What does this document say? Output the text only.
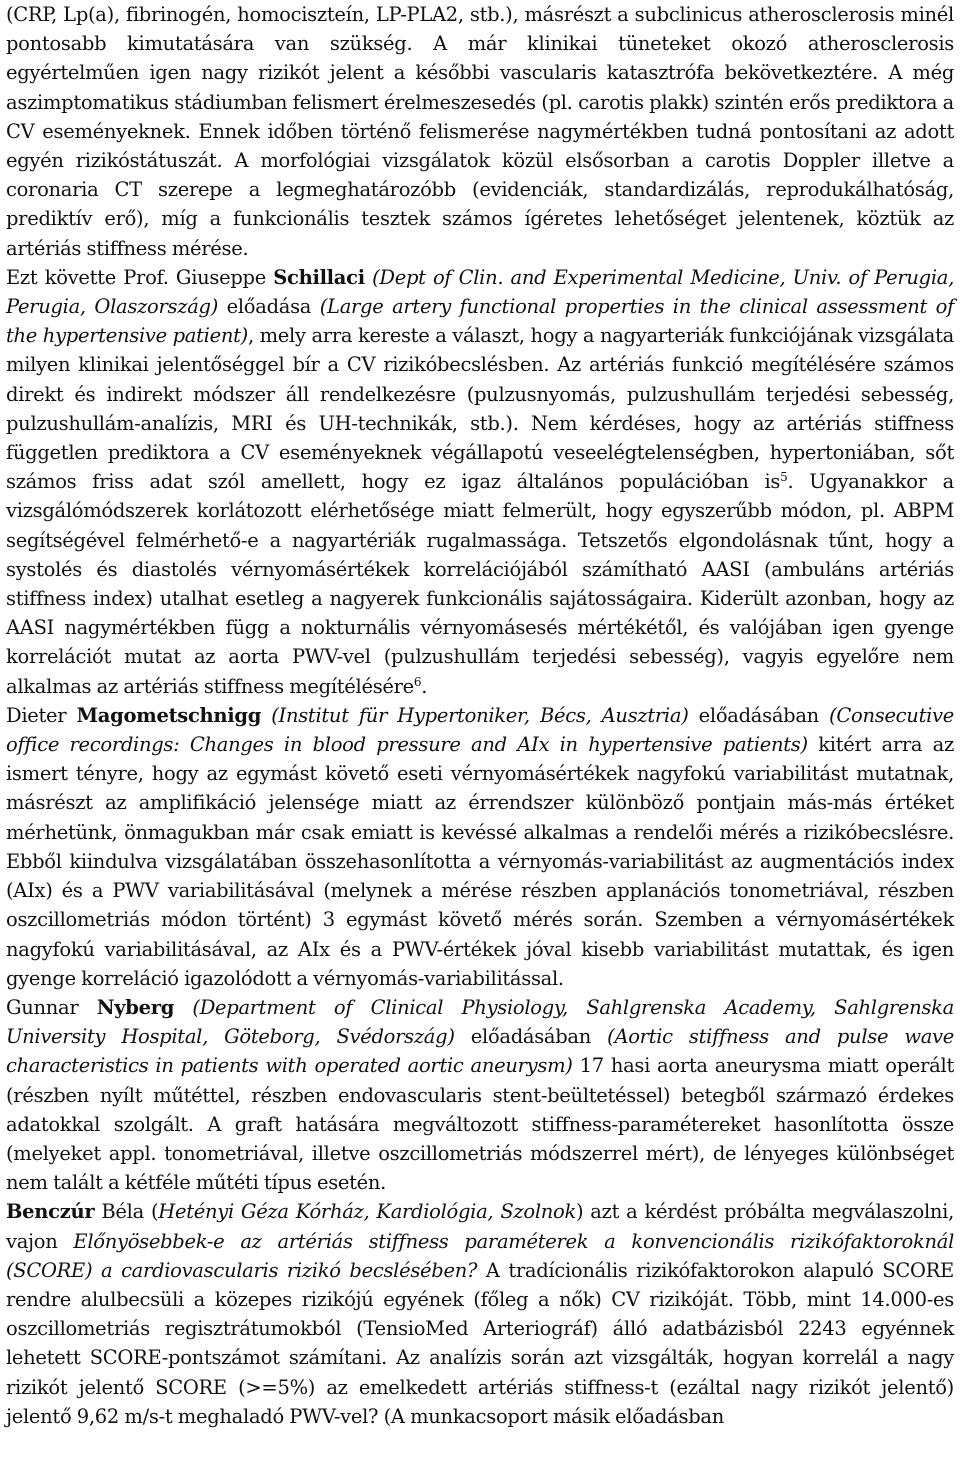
(CRP, Lp(a), fibrinogén, homociszteín, LP-PLA2, stb.), másrészt a subclinicus atherosclerosis minél pontosabb kimutatására van szükség. A már klinikai tüneteket okozó atherosclerosis egyértelműen igen nagy rizikót jelent a későbbi vascularis katasztrófa bekövetkeztére. A még aszimptomatikus stádiumban felismert érelmeszesedés (pl. carotis plakk) szintén erős prediktora a CV eseményeknek. Ennek időben történő felismerése nagymértékben tudná pontosítani az adott egyén rizikóstátuszát. A morfológiai vizsgálatok közül elsősorban a carotis Doppler illetve a coronaria CT szerepe a legmeghatározóbb (evidenciák, standardizálás, reprodukálhatóság, prediktív erő), míg a funkcionális tesztek számos ígéretes lehetőséget jelentenek, köztük az artériás stiffness mérése.

Ezt követte Prof. Giuseppe Schillaci (Dept of Clin. and Experimental Medicine, Univ. of Perugia, Perugia, Olaszország) előadása (Large artery functional properties in the clinical assessment of the hypertensive patient), mely arra kereste a választ, hogy a nagyarteriák funkciójának vizsgálata milyen klinikai jelentőséggel bír a CV rizikóbecslésben. Az artériás funkció megítélésére számos direkt és indirekt módszer áll rendelkezésre (pulzusnyomás, pulzushullám terjedési sebesség, pulzushullám-analízis, MRI és UH-technikák, stb.). Nem kérdéses, hogy az artériás stiffness független prediktora a CV eseményeknek végállapotú veseelégtelenségben, hypertoniában, sőt számos friss adat szól amellett, hogy ez igaz általános populációban $is^5$. Ugyanakkor a vizsgálómódszerek korlátozott elérhetősége miatt felmerült, hogy egyszerűbb módon, pl. ABPM segítségével felmérhető-e a nagyartériák rugalmassága. Tetszetős elgondolásnak tűnt, hogy a systolés és diastolés vérnyomásértékek korrelációjából számítható AASI (ambuláns artériás stiffness index) utalhat esetleg a nagyerek funkcionális sajátosságaira. Kiderült azonban, hogy az AASI nagymértékben függ a nokturnális vérnyomásesés mértékétől, és valójában igen gyenge korrelációt mutat az aorta PWV-vel (pulzushullám terjedési sebesség), vagyis egyelőre nem alkalmas az artériás stiffness megítélésére$^6$.

Dieter Magometschnigg (Institut für Hypertoniker, Bécs, Ausztria) előadásában (Consecutive office recordings: Changes in blood pressure and AIx in hypertensive patients) kitért arra az ismert tényre, hogy az egymást követő eseti vérnyomásértékek nagyfokú variabilitást mutatnak, másrészt az amplifikáció jelensége miatt az érrendszer különböző pontjain más-más értéket mérhetünk, önmagukban már csak emiatt is kevéssé alkalmas a rendelői mérés a rizikóbecslésre. Ebből kiindulva vizsgálatában összehasonlította a vérnyomás-variabilitást az augmentációs index (AIx) és a PWV variabilitásával (melynek a mérése részben applanációs tonometriával, részben oszcillometriás módon történt) 3 egymást követő mérés során. Szemben a vérnyomásértékek nagyfokú variabilitásával, az AIx és a PWV-értékek jóval kisebb variabilitást mutattak, és igen gyenge korreláció igazolódott a vérnyomás-variabilitással.

Gunnar Nyberg (Department of Clinical Physiology, Sahlgrenska Academy, Sahlgrenska University Hospital, Göteborg, Svédország) előadásában (Aortic stiffness and pulse wave characteristics in patients with operated aortic aneurysm) 17 hasi aorta aneurysma miatt operált (részben nyílt műtéttel, részben endovascularis stent-beültetéssel) betegből származó érdekes adatokkal szolgált. A graft hatására megváltozott stiffness-paramétereket hasonlította össze (melyeket appl. tonometriával, illetve oszcillometriás módszerrel mért), de lényeges különbséget nem talált a kétféle műtéti típus esetén.

Benczúr Béla (Hetényi Géza Kórház, Kardiológia, Szolnok) azt a kérdést próbálta megválaszolni, vajon Előnyösebbek-e az artériás stiffness paraméterek a konvencionális rizikófaktoroknál (SCORE) a cardiovascularis rizikó becslésében? A tradícionális rizikófaktorokon alapuló SCORE rendre alulbecsüli a közepes rizikójú egyének (főleg a nők) CV rizikóját. Több, mint 14.000-es oszcillometriás regisztrátumokból (TensioMed Arteriográf) álló adatbázisból 2243 egyénnek lehetett SCORE-pontszámot számítani. Az analízis során azt vizsgálták, hogyan korrelál a nagy rizikót jelentő SCORE (>=5%) az emelkedett artériás stiffness-t (ezáltal nagy rizikót jelentő) jelentő 9,62 m/s-t meghaladó PWV-vel? (A munkacsoport másik előadásban
